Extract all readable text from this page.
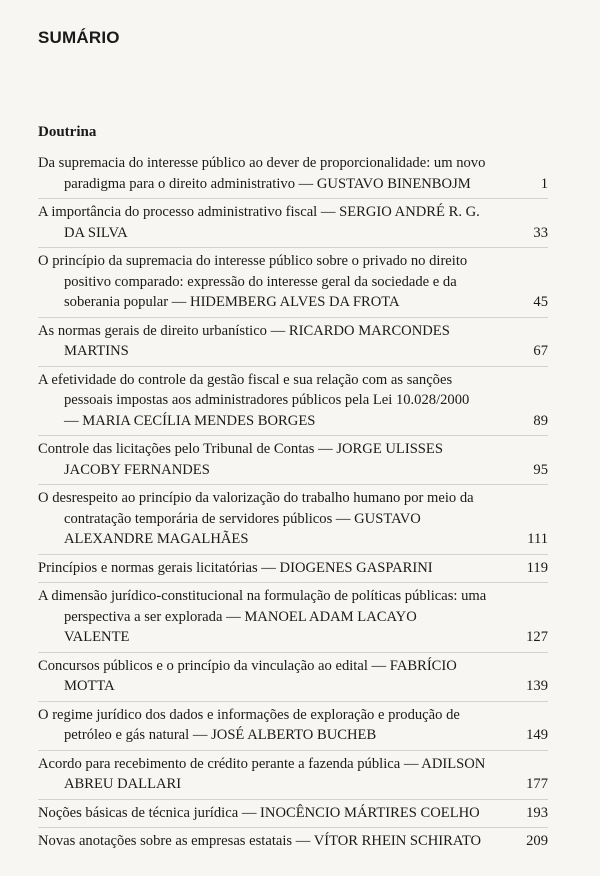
SUMÁRIO
Doutrina
Da supremacia do interesse público ao dever de proporcionalidade: um novo
paradigma para o direito administrativo — GUSTAVO BINENBOJM	1
A importância do processo administrativo fiscal — SERGIO ANDRÉ R. G.
DA SILVA	33
O princípio da supremacia do interesse público sobre o privado no direito
positivo comparado: expressão do interesse geral da sociedade e da
soberania popular — HIDEMBERG ALVES DA FROTA	45
As normas gerais de direito urbanístico — RICARDO MARCONDES
MARTINS	67
A efetividade do controle da gestão fiscal e sua relação com as sanções
pessoais impostas aos administradores públicos pela Lei 10.028/2000
— MARIA CECÍLIA MENDES BORGES	89
Controle das licitações pelo Tribunal de Contas — JORGE ULISSES
JACOBY FERNANDES	95
O desrespeito ao princípio da valorização do trabalho humano por meio da
contratação temporária de servidores públicos — GUSTAVO
ALEXANDRE MAGALHÃES	111
Princípios e normas gerais licitatórias — DIOGENES GASPARINI	119
A dimensão jurídico-constitucional na formulação de políticas públicas: uma
perspectiva a ser explorada — MANOEL ADAM LACAYO
VALENTE	127
Concursos públicos e o princípio da vinculação ao edital — FABRÍCIO
MOTTA	139
O regime jurídico dos dados e informações de exploração e produção de
petróleo e gás natural — JOSÉ ALBERTO BUCHEB	149
Acordo para recebimento de crédito perante a fazenda pública — ADILSON
ABREU DALLARI	177
Noções básicas de técnica jurídica — INOCÊNCIO MÁRTIRES COELHO	193
Novas anotações sobre as empresas estatais — VÍTOR RHEIN SCHIRATO	209
